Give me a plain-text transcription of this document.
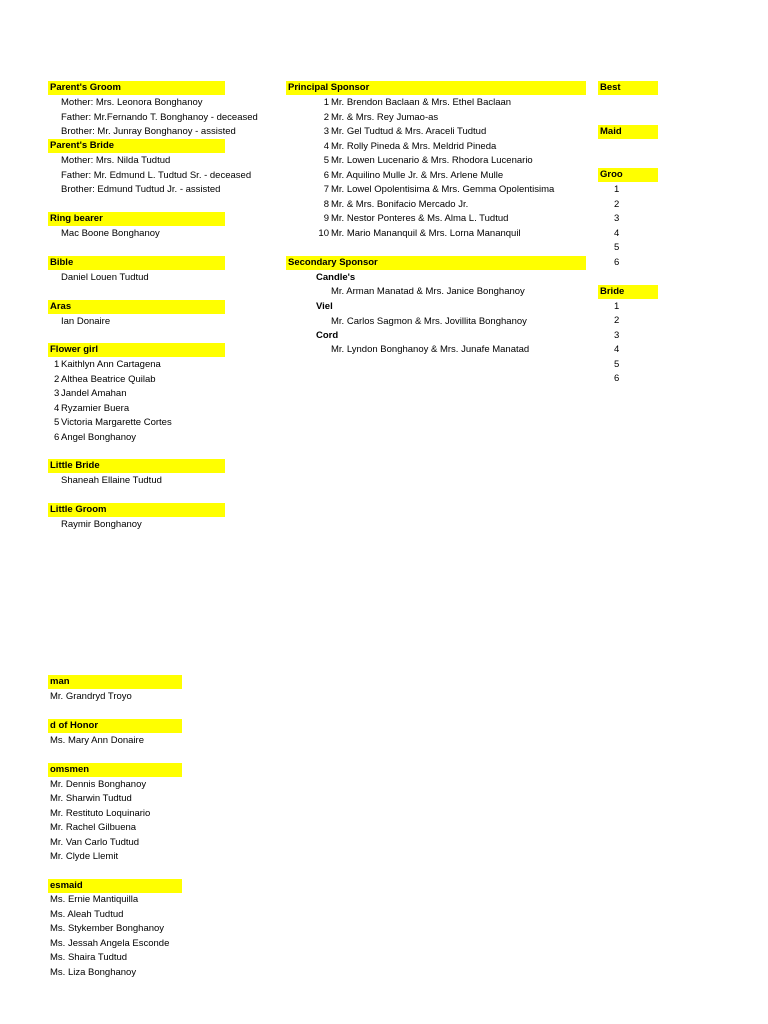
Parent's Groom
Mother: Mrs. Leonora Bonghanoy
Father: Mr.Fernando T. Bonghanoy - deceased
Brother: Mr. Junray Bonghanoy - assisted
Parent's Bride
Mother: Mrs. Nilda Tudtud
Father: Mr. Edmund L. Tudtud Sr. - deceased
Brother: Edmund Tudtud Jr. - assisted
Ring bearer
Mac Boone Bonghanoy
Bible
Daniel Louen Tudtud
Aras
Ian Donaire
Flower girl
1 Kaithlyn Ann Cartagena
2 Althea Beatrice Quilab
3 Jandel Amahan
4 Ryzamier Buera
5 Victoria Margarette Cortes
6 Angel Bonghanoy
Little Bride
Shaneah Ellaine Tudtud
Little Groom
Raymir Bonghanoy
Principal Sponsor
1 Mr. Brendon Baclaan & Mrs. Ethel Baclaan
2 Mr. & Mrs. Rey Jumao-as
3 Mr. Gel Tudtud & Mrs. Araceli Tudtud
4 Mr. Rolly Pineda & Mrs. Meldrid Pineda
5 Mr. Lowen Lucenario & Mrs. Rhodora Lucenario
6 Mr. Aquilino Mulle Jr. & Mrs. Arlene Mulle
7 Mr. Lowel Opolentisima & Mrs. Gemma Opolentisima
8 Mr. & Mrs. Bonifacio Mercado Jr.
9 Mr. Nestor Ponteres & Ms. Alma L. Tudtud
10 Mr. Mario Mananquil & Mrs. Lorna Mananquil
Secondary Sponsor
Candle's
Mr. Arman Manatad & Mrs. Janice Bonghanoy
Viel
Mr. Carlos Sagmon & Mrs. Jovillita Bonghanoy
Cord
Mr. Lyndon Bonghanoy & Mrs. Junafe Manatad
Best
Maid
Groo
1
2
3
4
5
6
Bride
1
2
3
4
5
6
man
Mr. Grandryd Troyo
d of Honor
Ms. Mary Ann Donaire
omsmen
Mr. Dennis Bonghanoy
Mr. Sharwin Tudtud
Mr. Restituto Loquinario
Mr. Rachel Gilbuena
Mr. Van Carlo Tudtud
Mr. Clyde Llemit
esmaid
Ms. Ernie Mantiquilla
Ms. Aleah Tudtud
Ms. Stykember Bonghanoy
Ms. Jessah Angela Esconde
Ms. Shaira Tudtud
Ms. Liza Bonghanoy
